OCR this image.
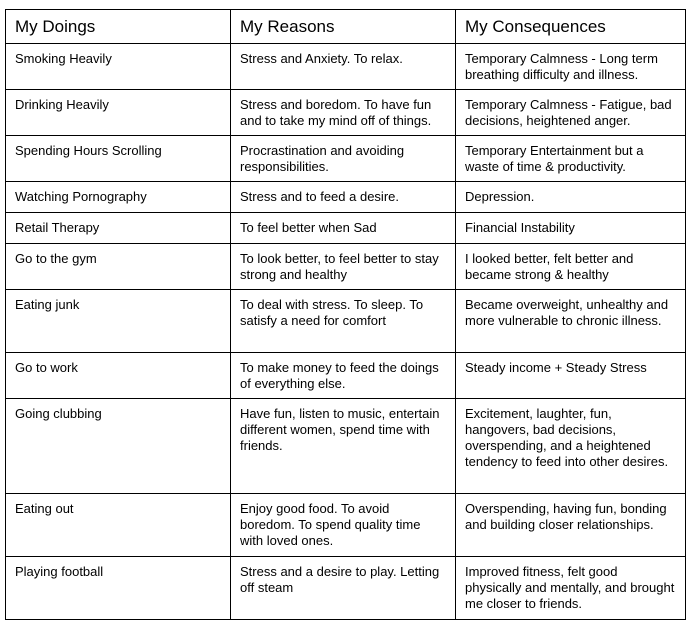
My Doings	My Reasons	My Consequences
Smoking Heavily	Stress and Anxiety. To relax.	Temporary Calmness - Long term breathing difficulty and illness.
Drinking Heavily	Stress and boredom. To have fun and to take my mind off of things.	Temporary Calmness - Fatigue, bad decisions, heightened anger.
Spending Hours Scrolling	Procrastination and avoiding responsibilities.	Temporary Entertainment but a waste of time & productivity.
Watching Pornography	Stress and to feed a desire.	Depression.
Retail Therapy	To feel better when Sad	Financial Instability
Go to the gym	To look better, to feel better to stay strong and healthy	I looked better, felt better and became strong & healthy
Eating junk	To deal with stress. To sleep. To satisfy a need for comfort	Became overweight, unhealthy and more vulnerable to chronic illness.
Go to work	To make money to feed the doings of everything else.	Steady income + Steady Stress
Going clubbing	Have fun, listen to music, entertain different women, spend time with friends.	Excitement, laughter, fun, hangovers, bad decisions, overspending, and a heightened tendency to feed into other desires.
Eating out	Enjoy good food. To avoid boredom. To spend quality time with loved ones.	Overspending, having fun, bonding and building closer relationships.
Playing football	Stress and a desire to play. Letting off steam	Improved fitness, felt good physically and mentally, and brought me closer to friends.
